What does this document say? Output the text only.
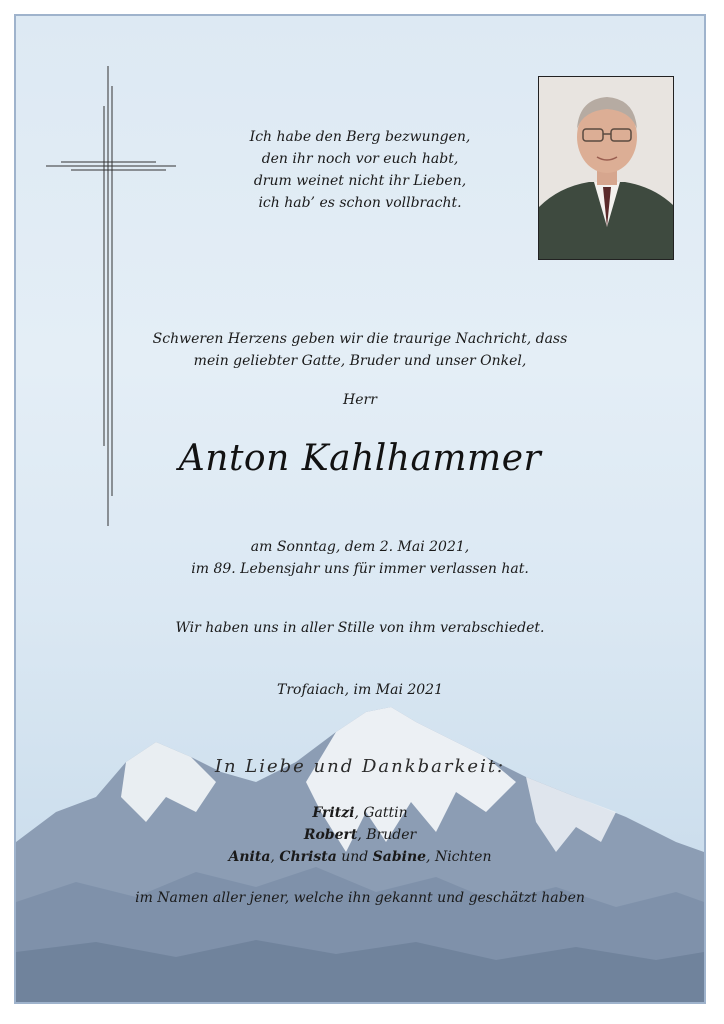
Ich habe den Berg bezwungen,
den ihr noch vor euch habt,
drum weinet nicht ihr Lieben,
ich hab’ es schon vollbracht.
Schweren Herzens geben wir die traurige Nachricht, dass
mein geliebter Gatte, Bruder und unser Onkel,
Herr
Anton Kahlhammer
am Sonntag, dem 2. Mai 2021,
im 89. Lebensjahr uns für immer verlassen hat.
Wir haben uns in aller Stille von ihm verabschiedet.
Trofaiach, im Mai 2021
In Liebe und Dankbarkeit:
Fritzi, Gattin
Robert, Bruder
Anita, Christa und Sabine, Nichten
im Namen aller jener, welche ihn gekannt und geschätzt haben
